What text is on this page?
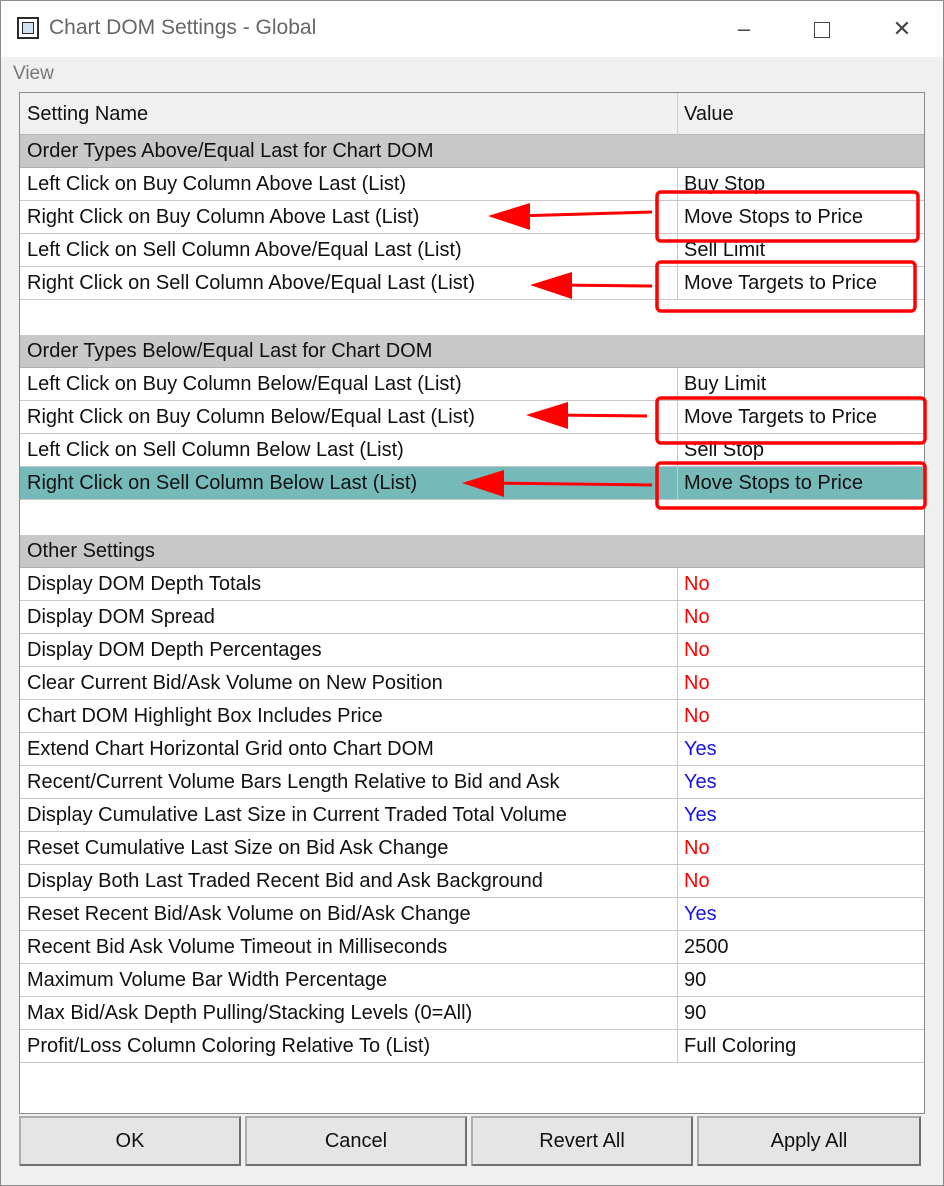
Chart DOM Settings - Global	–	✕
View
Setting Name	Value
Order Types Above/Equal Last for Chart DOM
Left Click on Buy Column Above Last (List)	Buy Stop
Right Click on Buy Column Above Last (List)	Move Stops to Price
Left Click on Sell Column Above/Equal Last (List)	Sell Limit
Right Click on Sell Column Above/Equal Last (List)	Move Targets to Price
Order Types Below/Equal Last for Chart DOM
Left Click on Buy Column Below/Equal Last (List)	Buy Limit
Right Click on Buy Column Below/Equal Last (List)	Move Targets to Price
Left Click on Sell Column Below Last (List)	Sell Stop
Right Click on Sell Column Below Last (List)	Move Stops to Price
Other Settings
Display DOM Depth Totals	No
Display DOM Spread	No
Display DOM Depth Percentages	No
Clear Current Bid/Ask Volume on New Position	No
Chart DOM Highlight Box Includes Price	No
Extend Chart Horizontal Grid onto Chart DOM	Yes
Recent/Current Volume Bars Length Relative to Bid and Ask	Yes
Display Cumulative Last Size in Current Traded Total Volume	Yes
Reset Cumulative Last Size on Bid Ask Change	No
Display Both Last Traded Recent Bid and Ask Background	No
Reset Recent Bid/Ask Volume on Bid/Ask Change	Yes
Recent Bid Ask Volume Timeout in Milliseconds	2500
Maximum Volume Bar Width Percentage	90
Max Bid/Ask Depth Pulling/Stacking Levels (0=All)	90
Profit/Loss Column Coloring Relative To (List)	Full Coloring
OK	Cancel	Revert All	Apply All
